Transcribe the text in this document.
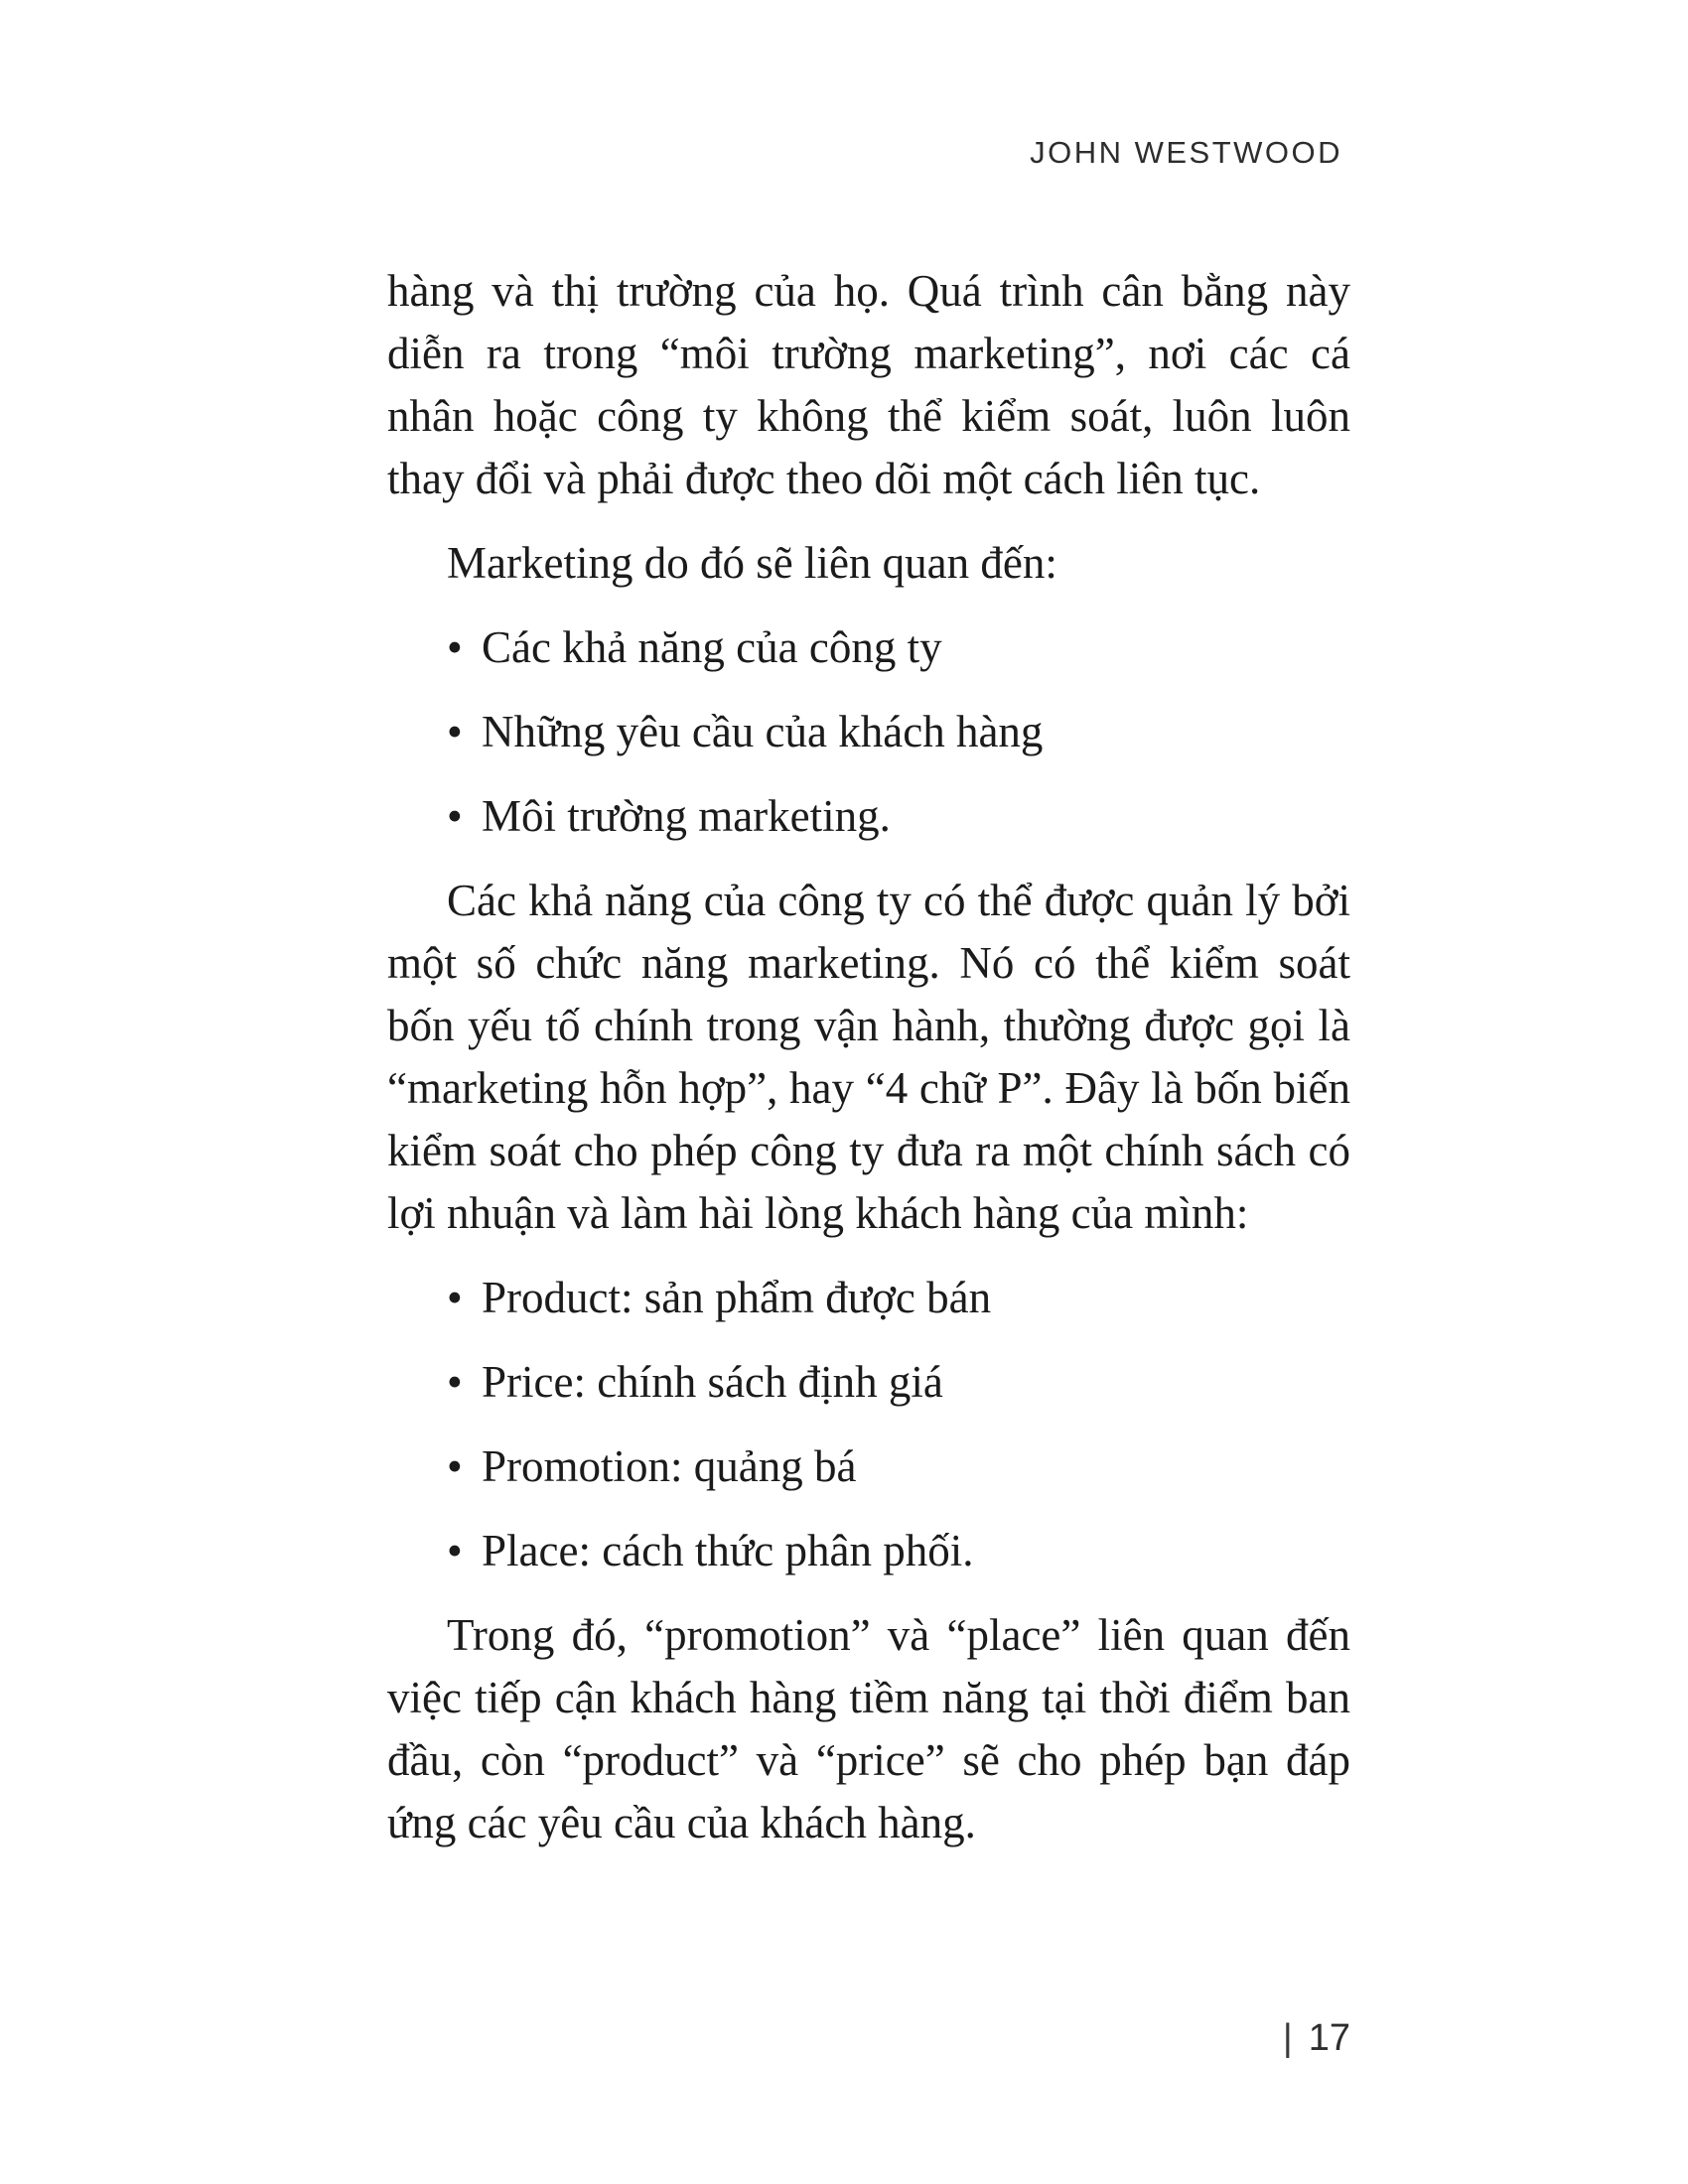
JOHN WESTWOOD

hàng và thị trường của họ. Quá trình cân bằng này diễn ra trong “môi trường marketing”, nơi các cá nhân hoặc công ty không thể kiểm soát, luôn luôn thay đổi và phải được theo dõi một cách liên tục.

Marketing do đó sẽ liên quan đến:

• Các khả năng của công ty
• Những yêu cầu của khách hàng
• Môi trường marketing.

Các khả năng của công ty có thể được quản lý bởi một số chức năng marketing. Nó có thể kiểm soát bốn yếu tố chính trong vận hành, thường được gọi là “marketing hỗn hợp”, hay “4 chữ P”. Đây là bốn biến kiểm soát cho phép công ty đưa ra một chính sách có lợi nhuận và làm hài lòng khách hàng của mình:

• Product: sản phẩm được bán
• Price: chính sách định giá
• Promotion: quảng bá
• Place: cách thức phân phối.

Trong đó, “promotion” và “place” liên quan đến việc tiếp cận khách hàng tiềm năng tại thời điểm ban đầu, còn “product” và “price” sẽ cho phép bạn đáp ứng các yêu cầu của khách hàng.

| 17
